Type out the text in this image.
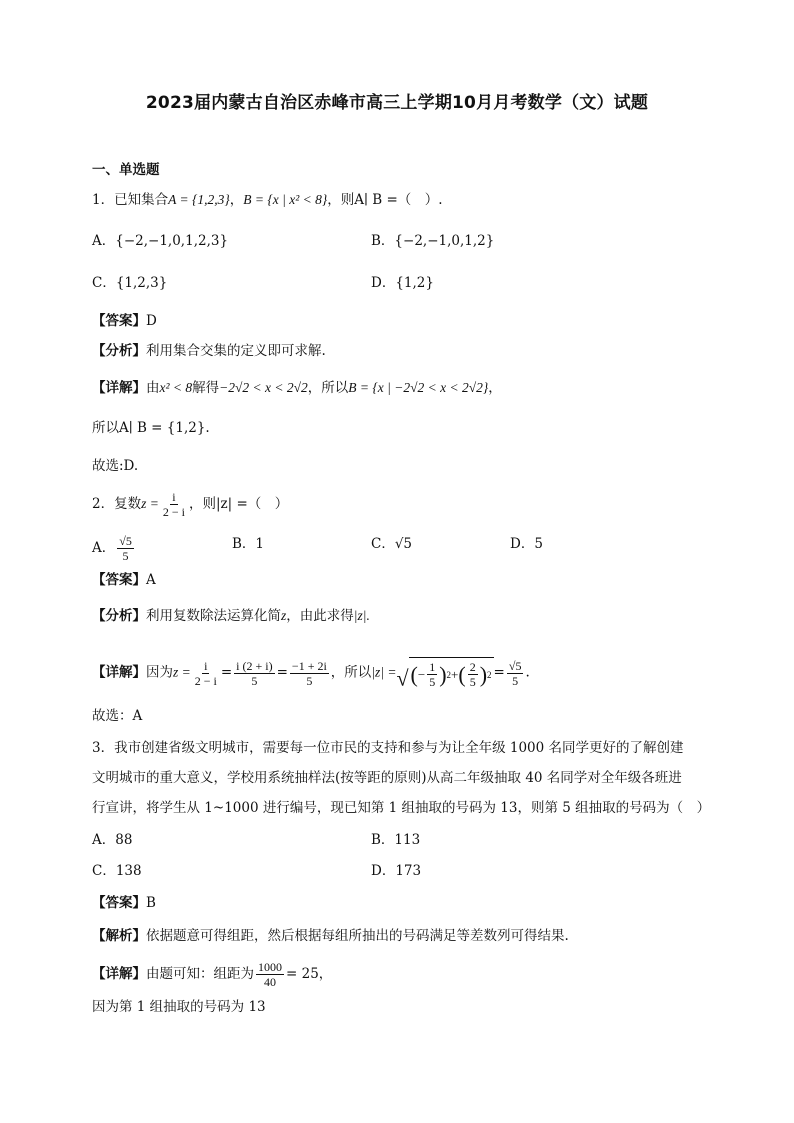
2023届内蒙古自治区赤峰市高三上学期10月月考数学（文）试题
一、单选题
1．已知集合A = {1,2,3}，B = {x | x² < 8}，则A∣ B =（　）.
A．{−2,−1,0,1,2,3}	B．{−2,−1,0,1,2}
C．{1,2,3}	D．{1,2}
【答案】D
【分析】利用集合交集的定义即可求解.
【详解】由x² < 8解得−2√2 < x < 2√2，所以B = {x | −2√2 < x < 2√2}，
所以A∣ B = {1,2}.
故选:D.
2．复数$z = \frac{i}{2 - i}$ ，则|z| =（　）
A． $\frac{√5}{5}$	B．1	C．√5	D．5
【答案】A
【分析】利用复数除法运算化简z，由此求得|z|.
【详解】因为$z = \frac{i}{2 - i} = \frac{i (2 + i)}{5} = \frac{-1 + 2i}{5}$ ，所以|z| =√ ( − $\frac{1}{5}$ ) 2 + ( $\frac{2}{5}$ ) $2 = \frac{√5}{5}$ .
故选：A
3．我市创建省级文明城市，需要每一位市民的支持和参与为让全年级 1000 名同学更好的了解创建
文明城市的重大意义，学校用系统抽样法(按等距的原则)从高二年级抽取 40 名同学对全年级各班进
行宣讲，将学生从 1~1000 进行编号，现已知第 1 组抽取的号码为 13，则第 5 组抽取的号码为（　）
A．88	B．113
C．138	D．173
【答案】B
【解析】依据题意可得组距，然后根据每组所抽出的号码满足等差数列可得结果.
【详解】由题可知：组距为 $\frac{1000}{40} = 25$，
因为第 1 组抽取的号码为 13
